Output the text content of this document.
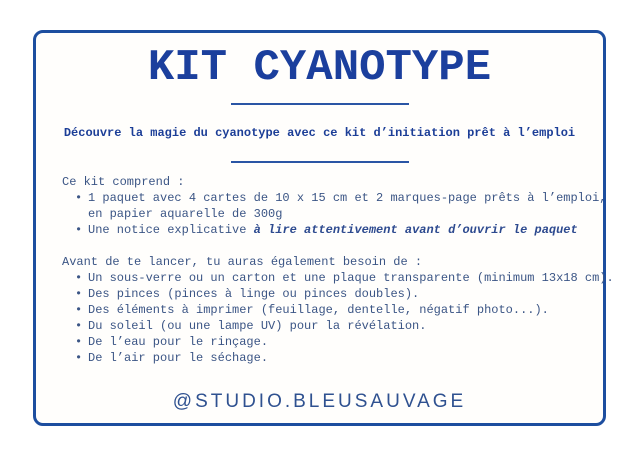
KIT CYANOTYPE
Découvre la magie du cyanotype avec ce kit d’initiation prêt à l’emploi
Ce kit comprend :
• 1 paquet avec 4 cartes de 10 x 15 cm et 2 marques-page prêts à l’emploi,
en papier aquarelle de 300g
• Une notice explicative à lire attentivement avant d’ouvrir le paquet
Avant de te lancer, tu auras également besoin de :
• Un sous-verre ou un carton et une plaque transparente (minimum 13x18 cm).
• Des pinces (pinces à linge ou pinces doubles).
• Des éléments à imprimer (feuillage, dentelle, négatif photo...).
• Du soleil (ou une lampe UV) pour la révélation.
• De l’eau pour le rinçage.
• De l’air pour le séchage.
@STUDIO.BLEUSAUVAGE
